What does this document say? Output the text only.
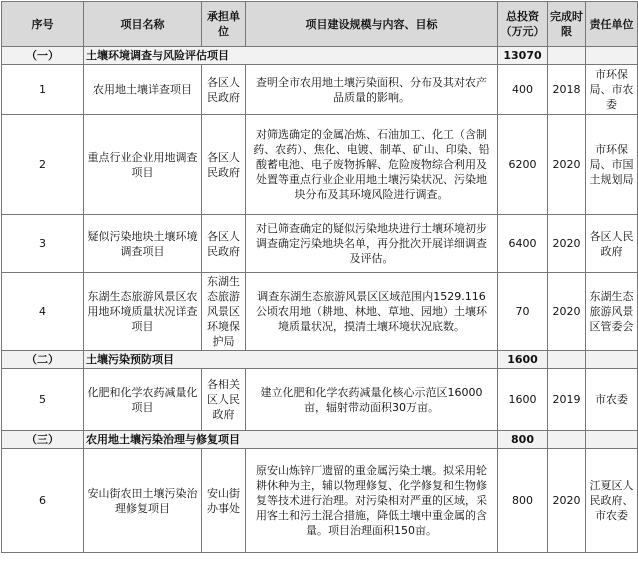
序号	项目名称	承担单位	项目建设规模与内容、目标	总投资（万元）	完成时限	责任单位
（一）	土壤环境调查与风险评估项目			13070		
1	农用地土壤详查项目	各区人民政府	查明全市农用地土壤污染面积、分布及其对农产品质量的影响。	400	2018	市环保局、市农委
2	重点行业企业用地调查项目	各区人民政府	对筛选确定的金属冶炼、石油加工、化工（含制药、农药）、焦化、电镀、制革、矿山、印染、铅酸蓄电池、电子废物拆解、危险废物综合利用及处置等重点行业企业用地土壤污染状况、污染地块分布及其环境风险进行调查。	6200	2020	市环保局、市国土规划局
3	疑似污染地块土壤环境调查项目	各区人民政府	对已筛查确定的疑似污染地块进行土壤环境初步调查确定污染地块名单，再分批次开展详细调查及评估。	6400	2020	各区人民政府
4	东湖生态旅游风景区农用地环境质量状况详查项目	东湖生态旅游风景区环境保护局	调查东湖生态旅游风景区区域范围内1529.116公顷农用地（耕地、林地、草地、园地）土壤环境质量状况，摸清土壤环境状况底数。	70	2020	东湖生态旅游风景区管委会
（二）	土壤污染预防项目			1600		
5	化肥和化学农药减量化项目	各相关区人民政府	建立化肥和化学农药减量化核心示范区16000亩，辐射带动面积30万亩。	1600	2019	市农委
（三）	农用地土壤污染治理与修复项目			800		
6	安山街农田土壤污染治理修复项目	安山街办事处	原安山炼锌厂遗留的重金属污染土壤。拟采用轮耕休种为主，辅以物理修复、化学修复和生物修复等技术进行治理。对污染相对严重的区域，采用客土和污土混合措施，降低土壤中重金属的含量。项目治理面积150亩。	800	2020	江夏区人民政府、市农委
